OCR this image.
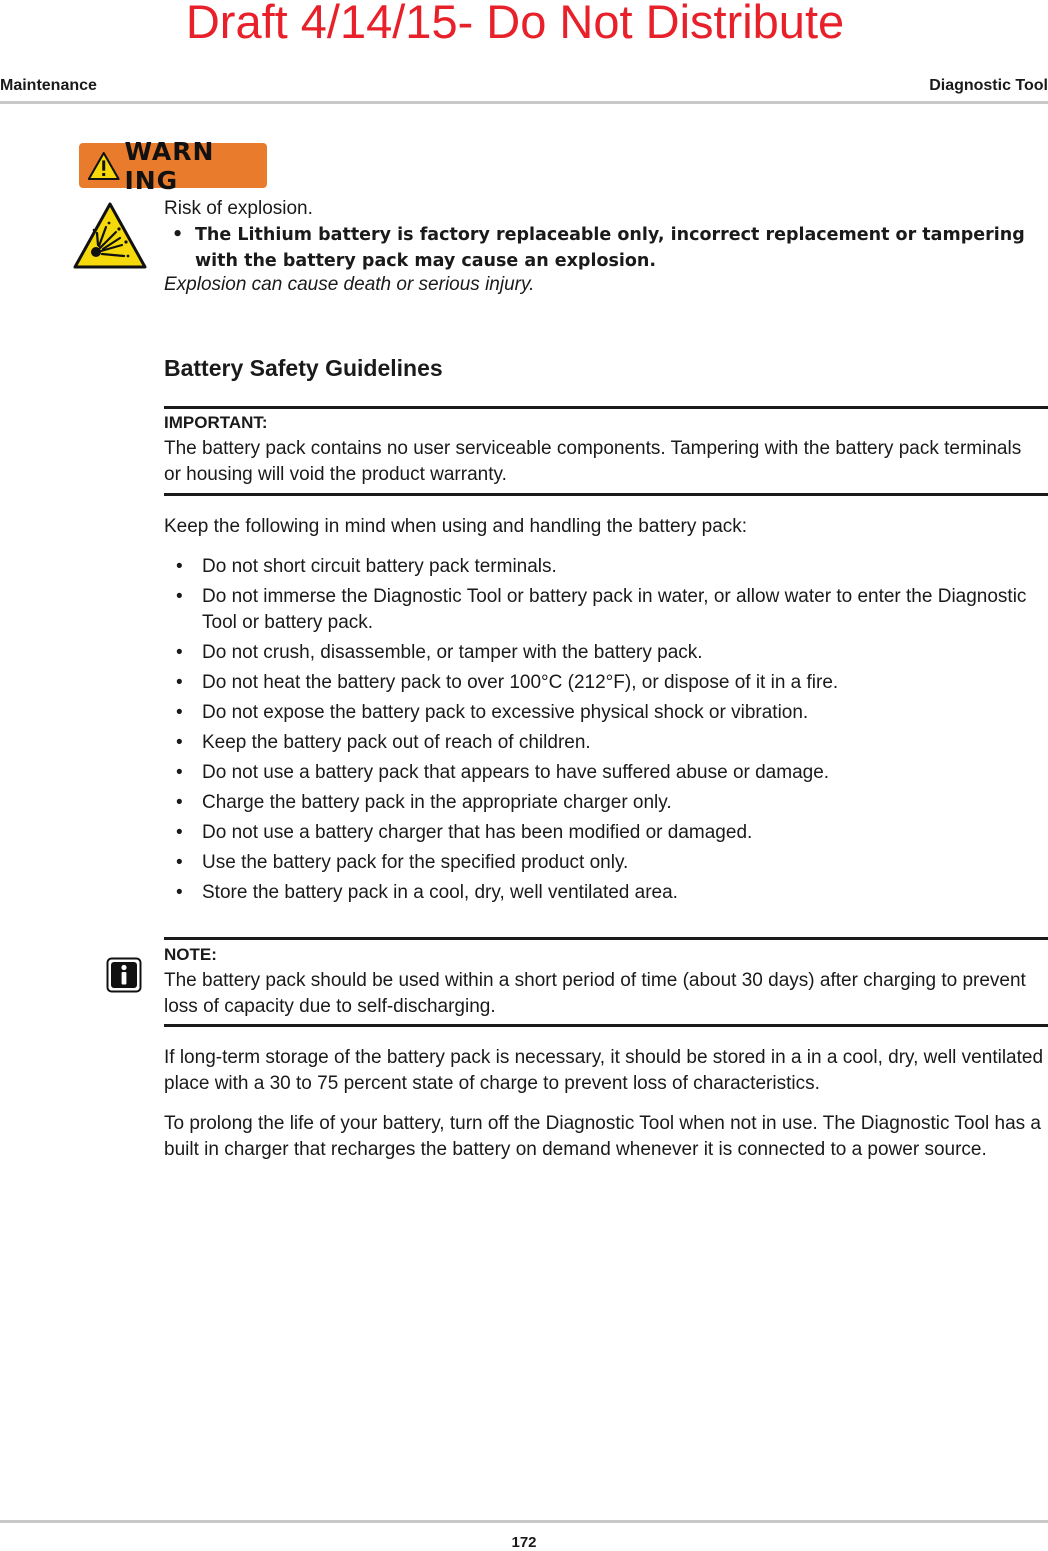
Draft 4/14/15- Do Not Distribute
Maintenance	Diagnostic Tool
WARN ING
Risk of explosion.
• The Lithium battery is factory replaceable only, incorrect replacement or tampering with the battery pack may cause an explosion.
Explosion can cause death or serious injury.
Battery Safety Guidelines
IMPORTANT:
The battery pack contains no user serviceable components. Tampering with the battery pack terminals or housing will void the product warranty.
Keep the following in mind when using and handling the battery pack:
•	Do not short circuit battery pack terminals.
•	Do not immerse the Diagnostic Tool or battery pack in water, or allow water to enter the Diagnostic Tool or battery pack.
•	Do not crush, disassemble, or tamper with the battery pack.
•	Do not heat the battery pack to over 100°C (212°F), or dispose of it in a fire.
•	Do not expose the battery pack to excessive physical shock or vibration.
•	Keep the battery pack out of reach of children.
•	Do not use a battery pack that appears to have suffered abuse or damage.
•	Charge the battery pack in the appropriate charger only.
•	Do not use a battery charger that has been modified or damaged.
•	Use the battery pack for the specified product only.
•	Store the battery pack in a cool, dry, well ventilated area.
NOTE:
The battery pack should be used within a short period of time (about 30 days) after charging to prevent loss of capacity due to self-discharging.
If long-term storage of the battery pack is necessary, it should be stored in a in a cool, dry, well ventilated place with a 30 to 75 percent state of charge to prevent loss of characteristics.
To prolong the life of your battery, turn off the Diagnostic Tool when not in use. The Diagnostic Tool has a built in charger that recharges the battery on demand whenever it is connected to a power source.
172
